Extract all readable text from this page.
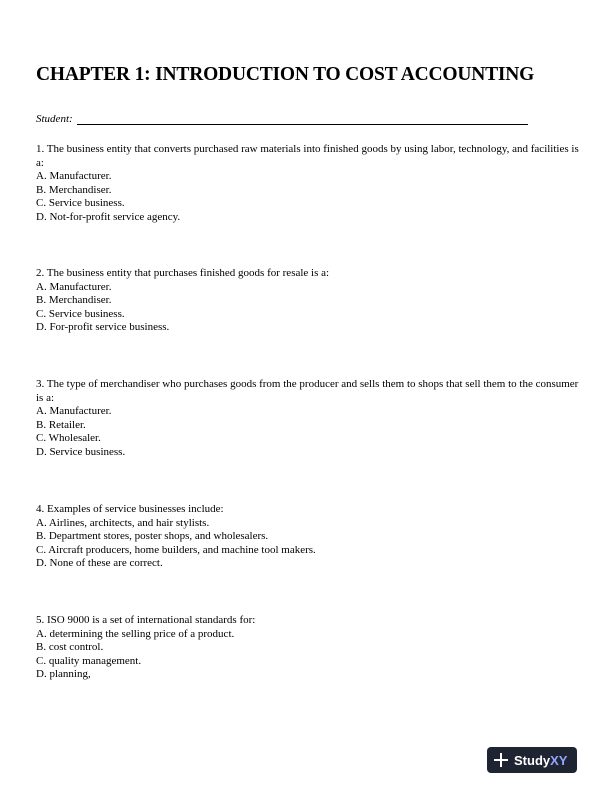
CHAPTER 1: INTRODUCTION TO COST ACCOUNTING
Student:

1. The business entity that converts purchased raw materials into finished goods by using labor, technology, and facilities is a:

A. Manufacturer.
B. Merchandiser.
C. Service business.
D. Not-for-profit service agency.

2. The business entity that purchases finished goods for resale is a:

A. Manufacturer.
B. Merchandiser.
C. Service business.
D. For-profit service business.

3. The type of merchandiser who purchases goods from the producer and sells them to shops that sell them to the consumer is a:

A. Manufacturer.
B. Retailer.
C. Wholesaler.
D. Service business.

4. Examples of service businesses include:

A. Airlines, architects, and hair stylists.
B. Department stores, poster shops, and wholesalers.
C. Aircraft producers, home builders, and machine tool makers.
D. None of these are correct.

5. ISO 9000 is a set of international standards for:

A. determining the selling price of a product.
B. cost control.
C. quality management.
D. planning,
Study XY
